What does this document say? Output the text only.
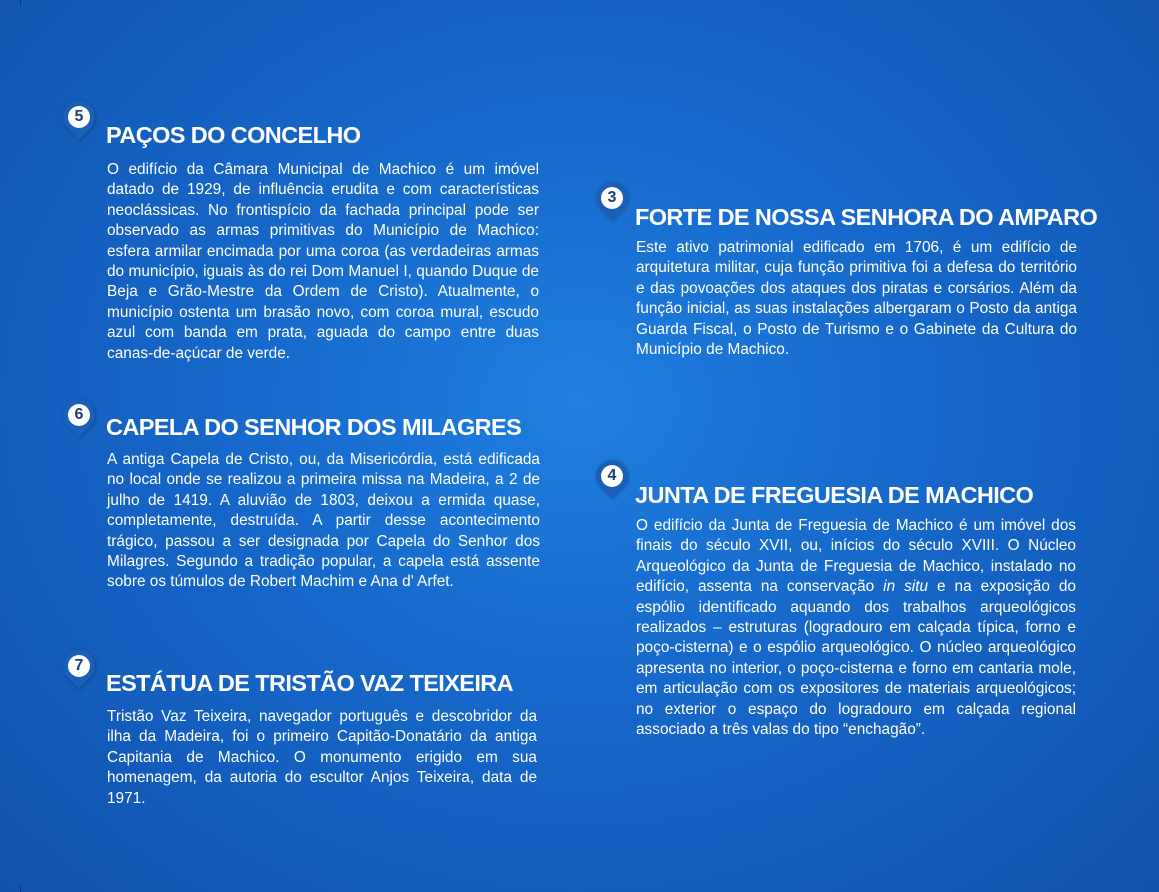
5
PAÇOS DO CONCELHO

O edifício da Câmara Municipal de Machico é um imóvel datado de 1929, de influência erudita e com características neoclássicas. No frontispício da fachada principal pode ser observado as armas primitivas do Município de Machico: esfera armilar encimada por uma coroa (as verdadeiras armas do município, iguais às do rei Dom Manuel I, quando Duque de Beja e Grão-Mestre da Ordem de Cristo). Atualmente, o município ostenta um brasão novo, com coroa mural, escudo azul com banda em prata, aguada do campo entre duas canas-de-açúcar de verde.

6 CAPELA DO SENHOR DOS MILAGRES

A antiga Capela de Cristo, ou, da Misericórdia, está edificada no local onde se realizou a primeira missa na Madeira, a 2 de julho de 1419. A aluvião de 1803, deixou a ermida quase, completamente, destruída. A partir desse acontecimento trágico, passou a ser designada por Capela do Senhor dos Milagres. Segundo a tradição popular, a capela está assente sobre os túmulos de Robert Machim e Ana d' Arfet.

7
ESTÁTUA DE TRISTÃO VAZ TEIXEIRA

Tristão Vaz Teixeira, navegador português e descobridor da ilha da Madeira, foi o primeiro Capitão-Donatário da antiga Capitania de Machico. O monumento erigido em sua homenagem, da autoria do escultor Anjos Teixeira, data de 1971.

3
FORTE DE NOSSA SENHORA DO AMPARO

Este ativo patrimonial edificado em 1706, é um edifício de arquitetura militar, cuja função primitiva foi a defesa do território e das povoações dos ataques dos piratas e corsários. Além da função inicial, as suas instalações albergaram o Posto da antiga Guarda Fiscal, o Posto de Turismo e o Gabinete da Cultura do Município de Machico.

4
JUNTA DE FREGUESIA DE MACHICO

O edifício da Junta de Freguesia de Machico é um imóvel dos finais do século XVII, ou, inícios do século XVIII. O Núcleo Arqueológico da Junta de Freguesia de Machico, instalado no edifício, assenta na conservação in situ e na exposição do espólio identificado aquando dos trabalhos arqueológicos realizados – estruturas (logradouro em calçada típica, forno e poço-cisterna) e o espólio arqueológico. O núcleo arqueológico apresenta no interior, o poço-cisterna e forno em cantaria mole, em articulação com os expositores de materiais arqueológicos; no exterior o espaço do logradouro em calçada regional associado a três valas do tipo “enchagão”.
